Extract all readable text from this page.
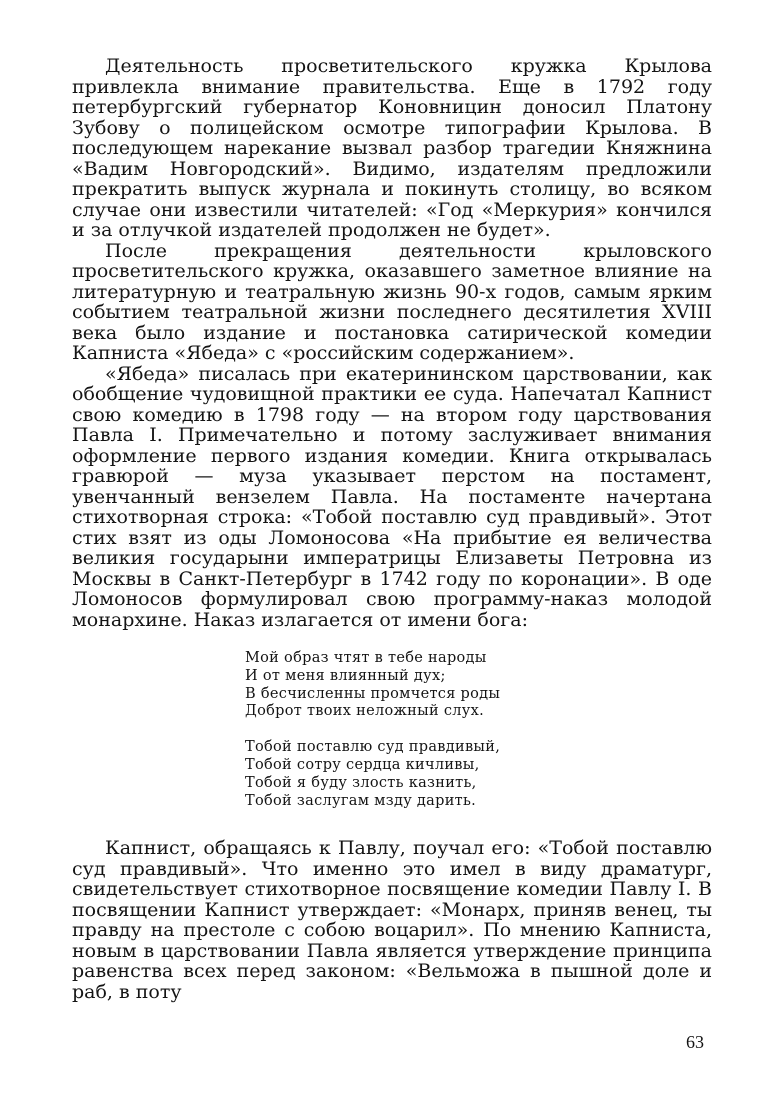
Деятельность просветительского кружка Крылова привлекла внимание правительства. Еще в 1792 году петербургский губернатор Коновницин доносил Платону Зубову о полицейском осмотре типографии Крылова. В последующем нарекание вызвал разбор трагедии Княжнина «Вадим Новгородский». Видимо, издателям предложили прекратить выпуск журнала и покинуть столицу, во всяком случае они известили читателей: «Год «Меркурия» кончился и за отлучкой издателей продолжен не будет».

После прекращения деятельности крыловского просветительского кружка, оказавшего заметное влияние на литературную и театральную жизнь 90-х годов, самым ярким событием театральной жизни последнего десятилетия XVIII века было издание и постановка сатирической комедии Капниста «Ябеда» с «российским содержанием».

«Ябеда» писалась при екатерининском царствовании, как обобщение чудовищной практики ее суда. Напечатал Капнист свою комедию в 1798 году — на втором году царствования Павла I. Примечательно и потому заслуживает внимания оформление первого издания комедии. Книга открывалась гравюрой — муза указывает перстом на постамент, увенчанный вензелем Павла. На постаменте начертана стихотворная строка: «Тобой поставлю суд правдивый». Этот стих взят из оды Ломоносова «На прибытие ея величества великия государыни императрицы Елизаветы Петровна из Москвы в Санкт-Петербург в 1742 году по коронации». В оде Ломоносов формулировал свою программу-наказ молодой монархине. Наказ излагается от имени бога:

Мой образ чтят в тебе народы
И от меня влиянный дух;
В бесчисленны промчется роды
Доброт твоих неложный слух.
Тобой поставлю суд правдивый,
Тобой сотру сердца кичливы,
Тобой я буду злость казнить,
Тобой заслугам мзду дарить.

Капнист, обращаясь к Павлу, поучал его: «Тобой поставлю суд правдивый». Что именно это имел в виду драматург, свидетельствует стихотворное посвящение комедии Павлу I. В посвящении Капнист утверждает: «Монарх, приняв венец, ты правду на престоле с собою воцарил». По мнению Капниста, новым в царствовании Павла является утверждение принципа равенства всех перед законом: «Вельможа в пышной доле и раб, в поту

63
